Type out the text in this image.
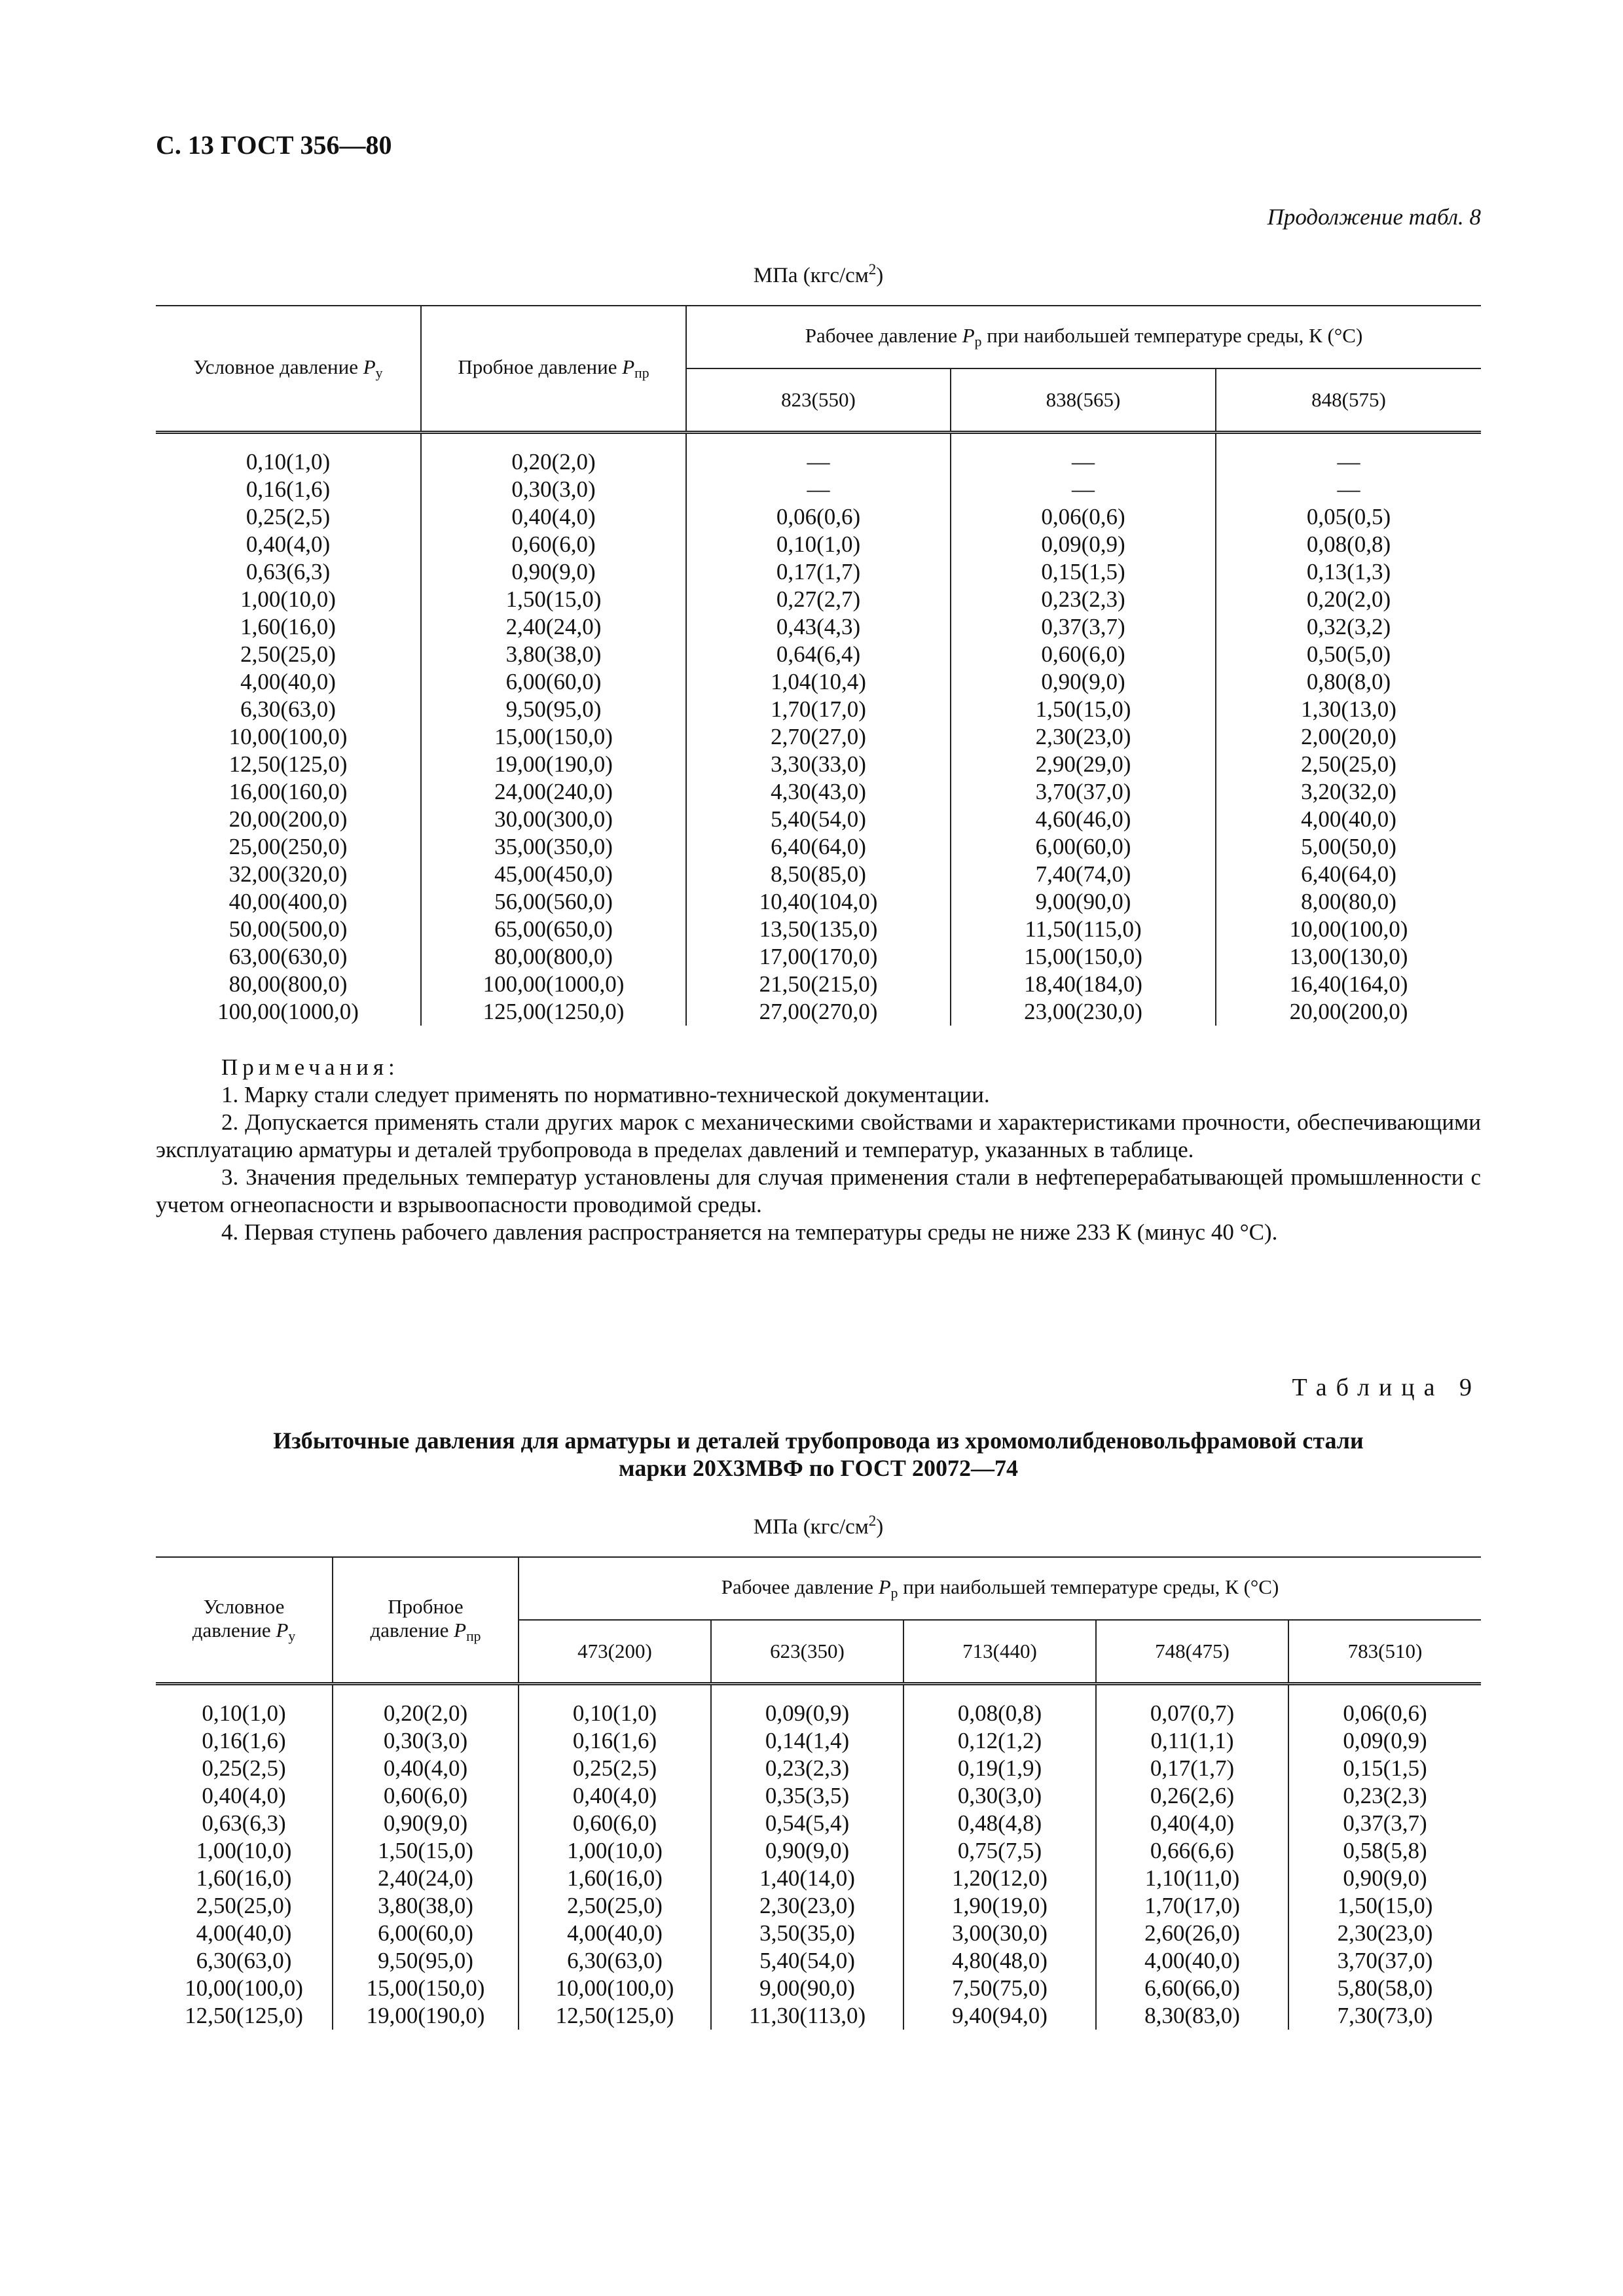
С. 13 ГОСТ 356—80
Продолжение табл. 8
МПа $(кгс/см^2)$
Условное давление $P_у$	Пробное давление $P_{пр}$	Рабочее давление $P_р$ при наибольшей температуре среды, К (°С)		
		823(550)	838(565)	848(575)
0,10(1,0)	0,20(2,0)	—	—	—
0,16(1,6)	0,30(3,0)	—	—	—
0,25(2,5)	0,40(4,0)	0,06(0,6)	0,06(0,6)	0,05(0,5)
0,40(4,0)	0,60(6,0)	0,10(1,0)	0,09(0,9)	0,08(0,8)
0,63(6,3)	0,90(9,0)	0,17(1,7)	0,15(1,5)	0,13(1,3)
1,00(10,0)	1,50(15,0)	0,27(2,7)	0,23(2,3)	0,20(2,0)
1,60(16,0)	2,40(24,0)	0,43(4,3)	0,37(3,7)	0,32(3,2)
2,50(25,0)	3,80(38,0)	0,64(6,4)	0,60(6,0)	0,50(5,0)
4,00(40,0)	6,00(60,0)	1,04(10,4)	0,90(9,0)	0,80(8,0)
6,30(63,0)	9,50(95,0)	1,70(17,0)	1,50(15,0)	1,30(13,0)
10,00(100,0)	15,00(150,0)	2,70(27,0)	2,30(23,0)	2,00(20,0)
12,50(125,0)	19,00(190,0)	3,30(33,0)	2,90(29,0)	2,50(25,0)
16,00(160,0)	24,00(240,0)	4,30(43,0)	3,70(37,0)	3,20(32,0)
20,00(200,0)	30,00(300,0)	5,40(54,0)	4,60(46,0)	4,00(40,0)
25,00(250,0)	35,00(350,0)	6,40(64,0)	6,00(60,0)	5,00(50,0)
32,00(320,0)	45,00(450,0)	8,50(85,0)	7,40(74,0)	6,40(64,0)
40,00(400,0)	56,00(560,0)	10,40(104,0)	9,00(90,0)	8,00(80,0)
50,00(500,0)	65,00(650,0)	13,50(135,0)	11,50(115,0)	10,00(100,0)
63,00(630,0)	80,00(800,0)	17,00(170,0)	15,00(150,0)	13,00(130,0)
80,00(800,0)	100,00(1000,0)	21,50(215,0)	18,40(184,0)	16,40(164,0)
100,00(1000,0)	125,00(1250,0)	27,00(270,0)	23,00(230,0)	20,00(200,0)

Примечания:

1. Марку стали следует применять по нормативно-технической документации.

2. Допускается применять стали других марок с механическими свойствами и характеристиками прочности, обеспечивающими эксплуатацию арматуры и деталей трубопровода в пределах давлений и температур, указанных в таблице.

3. Значения предельных температур установлены для случая применения стали в нефтеперерабатывающей промышленности с учетом огнеопасности и взрывоопасности проводимой среды.

4. Первая ступень рабочего давления распространяется на температуры среды не ниже 233 К (минус 40 °С).

Таблица 9
Избыточные давления для арматуры и деталей трубопровода из хромомолибденовольфрамовой стали
марки 20Х3МВФ по ГОСТ 20072—74
МПа $(кгс/см^2)$
Условное
давление $P_у$	Пробное
давление $P_{пр}$	Рабочее давление $P_р$ при наибольшей температуре среды, К (°С)				
		473(200)	623(350)	713(440)	748(475)	783(510)
0,10(1,0)	0,20(2,0)	0,10(1,0)	0,09(0,9)	0,08(0,8)	0,07(0,7)	0,06(0,6)
0,16(1,6)	0,30(3,0)	0,16(1,6)	0,14(1,4)	0,12(1,2)	0,11(1,1)	0,09(0,9)
0,25(2,5)	0,40(4,0)	0,25(2,5)	0,23(2,3)	0,19(1,9)	0,17(1,7)	0,15(1,5)
0,40(4,0)	0,60(6,0)	0,40(4,0)	0,35(3,5)	0,30(3,0)	0,26(2,6)	0,23(2,3)
0,63(6,3)	0,90(9,0)	0,60(6,0)	0,54(5,4)	0,48(4,8)	0,40(4,0)	0,37(3,7)
1,00(10,0)	1,50(15,0)	1,00(10,0)	0,90(9,0)	0,75(7,5)	0,66(6,6)	0,58(5,8)
1,60(16,0)	2,40(24,0)	1,60(16,0)	1,40(14,0)	1,20(12,0)	1,10(11,0)	0,90(9,0)
2,50(25,0)	3,80(38,0)	2,50(25,0)	2,30(23,0)	1,90(19,0)	1,70(17,0)	1,50(15,0)
4,00(40,0)	6,00(60,0)	4,00(40,0)	3,50(35,0)	3,00(30,0)	2,60(26,0)	2,30(23,0)
6,30(63,0)	9,50(95,0)	6,30(63,0)	5,40(54,0)	4,80(48,0)	4,00(40,0)	3,70(37,0)
10,00(100,0)	15,00(150,0)	10,00(100,0)	9,00(90,0)	7,50(75,0)	6,60(66,0)	5,80(58,0)
12,50(125,0)	19,00(190,0)	12,50(125,0)	11,30(113,0)	9,40(94,0)	8,30(83,0)	7,30(73,0)
